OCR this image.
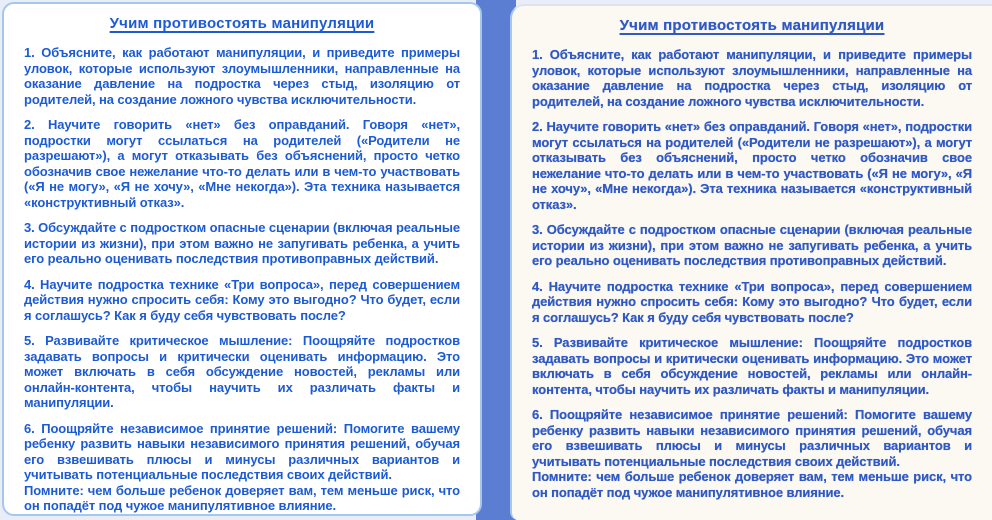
Учим противостоять манипуляции

1. Объясните, как работают манипуляции, и приведите примеры уловок, которые используют злоумышленники, направленные на оказание давление на подростка через стыд, изоляцию от родителей, на создание ложного чувства исключительности.

2. Научите говорить «нет» без оправданий. Говоря «нет», подростки могут ссылаться на родителей («Родители не разрешают»), а могут отказывать без объяснений, просто четко обозначив свое нежелание что-то делать или в чем-то участвовать («Я не могу», «Я не хочу», «Мне некогда»). Эта техника называется «конструктивный отказ».

3. Обсуждайте с подростком опасные сценарии (включая реальные истории из жизни), при этом важно не запугивать ребенка, а учить его реально оценивать последствия противоправных действий.

4. Научите подростка технике «Три вопроса», перед совершением действия нужно спросить себя: Кому это выгодно? Что будет, если я соглашусь? Как я буду себя чувствовать после?

5. Развивайте критическое мышление: Поощряйте подростков задавать вопросы и критически оценивать информацию. Это может включать в себя обсуждение новостей, рекламы или онлайн-контента, чтобы научить их различать факты и манипуляции.

6. Поощряйте независимое принятие решений: Помогите вашему ребенку развить навыки независимого принятия решений, обучая его взвешивать плюсы и минусы различных вариантов и учитывать потенциальные последствия своих действий.

Помните: чем больше ребенок доверяет вам, тем меньше риск, что он попадёт под чужое манипулятивное влияние.

Учим противостоять манипуляции

1. Объясните, как работают манипуляции, и приведите примеры уловок, которые используют злоумышленники, направленные на оказание давление на подростка через стыд, изоляцию от родителей, на создание ложного чувства исключительности.

2. Научите говорить «нет» без оправданий. Говоря «нет», подростки могут ссылаться на родителей («Родители не разрешают»), а могут отказывать без объяснений, просто четко обозначив свое нежелание что-то делать или в чем-то участвовать («Я не могу», «Я не хочу», «Мне некогда»). Эта техника называется «конструктивный отказ».

3. Обсуждайте с подростком опасные сценарии (включая реальные истории из жизни), при этом важно не запугивать ребенка, а учить его реально оценивать последствия противоправных действий.

4. Научите подростка технике «Три вопроса», перед совершением действия нужно спросить себя: Кому это выгодно? Что будет, если я соглашусь? Как я буду себя чувствовать после?

5. Развивайте критическое мышление: Поощряйте подростков задавать вопросы и критически оценивать информацию. Это может включать в себя обсуждение новостей, рекламы или онлайн-контента, чтобы научить их различать факты и манипуляции.

6. Поощряйте независимое принятие решений: Помогите вашему ребенку развить навыки независимого принятия решений, обучая его взвешивать плюсы и минусы различных вариантов и учитывать потенциальные последствия своих действий.

Помните: чем больше ребенок доверяет вам, тем меньше риск, что он попадёт под чужое манипулятивное влияние.
